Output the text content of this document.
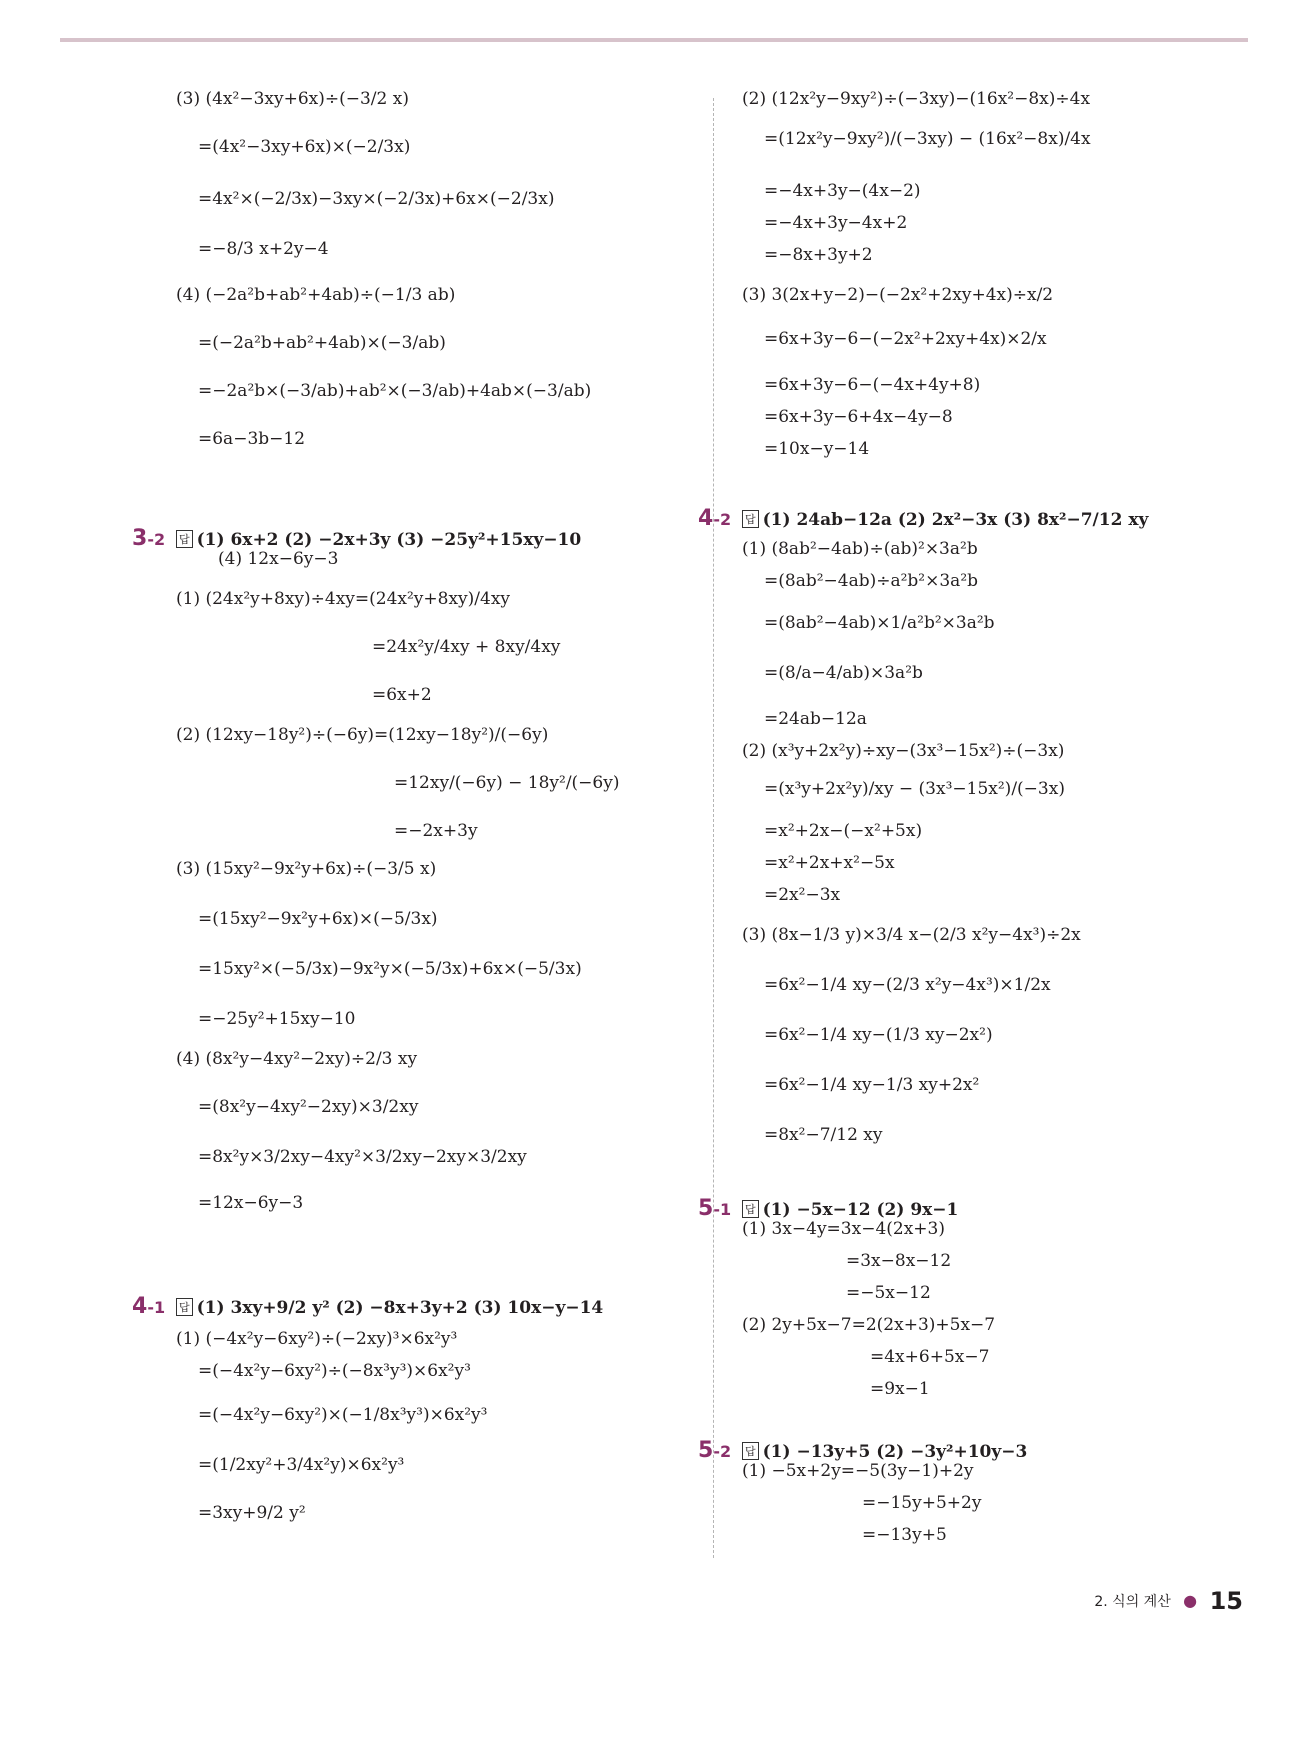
(3) (4x²−3xy+6x)÷(−3/2 x)
=(4x²−3xy+6x)×(−2/3x)
=4x²×(−2/3x)−3xy×(−2/3x)+6x×(−2/3x)
=−8/3 x+2y−4
(4) (−2a²b+ab²+4ab)÷(−1/3 ab)
=(−2a²b+ab²+4ab)×(−3/ab)
=−2a²b×(−3/ab)+ab²×(−3/ab)+4ab×(−3/ab)
=6a−3b−12
3-2 답 (1) 6x+2 (2) −2x+3y (3) −25y²+15xy−10
(4) 12x−6y−3
(1) (24x²y+8xy)÷4xy=(24x²y+8xy)/4xy
=24x²y/4xy + 8xy/4xy
=6x+2
(2) (12xy−18y²)÷(−6y)=(12xy−18y²)/(−6y)
=12xy/(−6y) − 18y²/(−6y)
=−2x+3y
(3) (15xy²−9x²y+6x)÷(−3/5 x)
=(15xy²−9x²y+6x)×(−5/3x)
=15xy²×(−5/3x)−9x²y×(−5/3x)+6x×(−5/3x)
=−25y²+15xy−10
(4) (8x²y−4xy²−2xy)÷2/3 xy
=(8x²y−4xy²−2xy)×3/2xy
=8x²y×3/2xy−4xy²×3/2xy−2xy×3/2xy
=12x−6y−3
4-1 답 (1) 3xy+9/2 y² (2) −8x+3y+2 (3) 10x−y−14
(1) (−4x²y−6xy²)÷(−2xy)³×6x²y³
=(−4x²y−6xy²)÷(−8x³y³)×6x²y³
=(−4x²y−6xy²)×(−1/8x³y³)×6x²y³
=(1/2xy²+3/4x²y)×6x²y³
=3xy+9/2 y²
(2) (12x²y−9xy²)÷(−3xy)−(16x²−8x)÷4x
=(12x²y−9xy²)/(−3xy) − (16x²−8x)/4x
=−4x+3y−(4x−2)
=−4x+3y−4x+2
=−8x+3y+2
(3) 3(2x+y−2)−(−2x²+2xy+4x)÷x/2
=6x+3y−6−(−2x²+2xy+4x)×2/x
=6x+3y−6−(−4x+4y+8)
=6x+3y−6+4x−4y−8
=10x−y−14
4-2 답 (1) 24ab−12a (2) 2x²−3x (3) 8x²−7/12 xy
(1) (8ab²−4ab)÷(ab)²×3a²b
=(8ab²−4ab)÷a²b²×3a²b
=(8ab²−4ab)×1/a²b²×3a²b
=(8/a−4/ab)×3a²b
=24ab−12a
(2) (x³y+2x²y)÷xy−(3x³−15x²)÷(−3x)
=(x³y+2x²y)/xy − (3x³−15x²)/(−3x)
=x²+2x−(−x²+5x)
=x²+2x+x²−5x
=2x²−3x
(3) (8x−1/3 y)×3/4 x−(2/3 x²y−4x³)÷2x
=6x²−1/4 xy−(2/3 x²y−4x³)×1/2x
=6x²−1/4 xy−(1/3 xy−2x²)
=6x²−1/4 xy−1/3 xy+2x²
=8x²−7/12 xy
5-1 답 (1) −5x−12 (2) 9x−1
(1) 3x−4y=3x−4(2x+3)
=3x−8x−12
=−5x−12
(2) 2y+5x−7=2(2x+3)+5x−7
=4x+6+5x−7
=9x−1
5-2 답 (1) −13y+5 (2) −3y²+10y−3
(1) −5x+2y=−5(3y−1)+2y
=−15y+5+2y
=−13y+5
2. 식의 계산 ● 15
